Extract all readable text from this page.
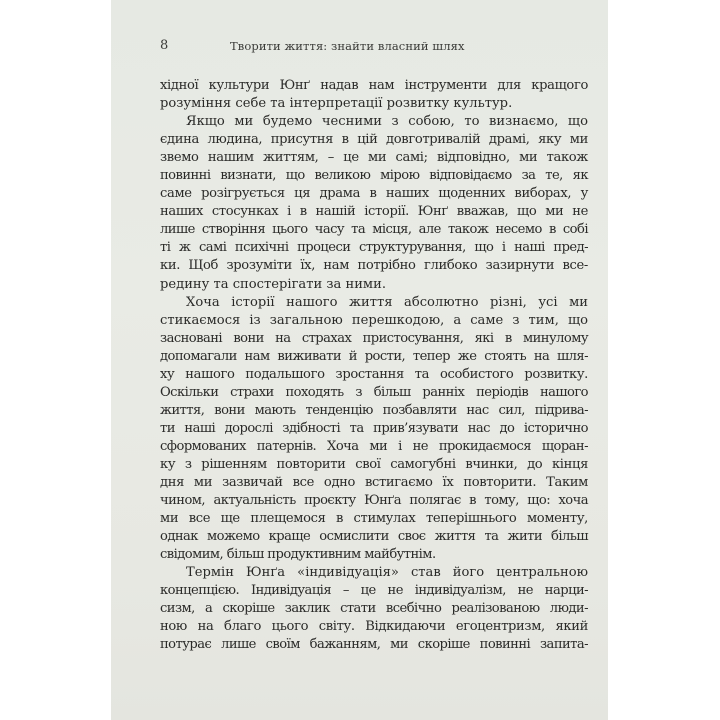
8	Творити життя: знайти власний шлях
хідної культури Юнґ надав нам інструменти для кращого
розуміння себе та інтерпретації розвитку культур.
Якщо ми будемо чесними з собою, то визнаємо, що
єдина людина, присутня в цій довготривалій драмі, яку ми
звемо нашим життям, – це ми самі; відповідно, ми також
повинні визнати, що великою мірою відповідаємо за те, як
саме розігрується ця драма в наших щоденних виборах, у
наших стосунках і в нашій історії. Юнґ вважав, що ми не
лише створіння цього часу та місця, але також несемо в собі
ті ж самі психічні процеси структурування, що і наші пред-
ки. Щоб зрозуміти їх, нам потрібно глибоко зазирнути все-
редину та спостерігати за ними.
Хоча історії нашого життя абсолютно різні, усі ми
стикаємося із загальною перешкодою, а саме з тим, що
засновані вони на страхах пристосування, які в минулому
допомагали нам виживати й рости, тепер же стоять на шля-
ху нашого подальшого зростання та особистого розвитку.
Оскільки страхи походять з більш ранніх періодів нашого
життя, вони мають тенденцію позбавляти нас сил, підрива-
ти наші дорослі здібності та прив’язувати нас до історично
сформованих патернів. Хоча ми і не прокидаємося щоран-
ку з рішенням повторити свої самогубні вчинки, до кінця
дня ми зазвичай все одно встигаємо їх повторити. Таким
чином, актуальність проєкту Юнґа полягає в тому, що: хоча
ми все ще плещемося в стимулах теперішнього моменту,
однак можемо краще осмислити своє життя та жити більш
свідомим, більш продуктивним майбутнім.
Термін Юнґа «індивідуація» став його центральною
концепцією. Індивідуація – це не індивідуалізм, не нарци-
сизм, а скоріше заклик стати всебічно реалізованою люди-
ною на благо цього світу. Відкидаючи егоцентризм, який
потурає лише своїм бажанням, ми скоріше повинні запита-
